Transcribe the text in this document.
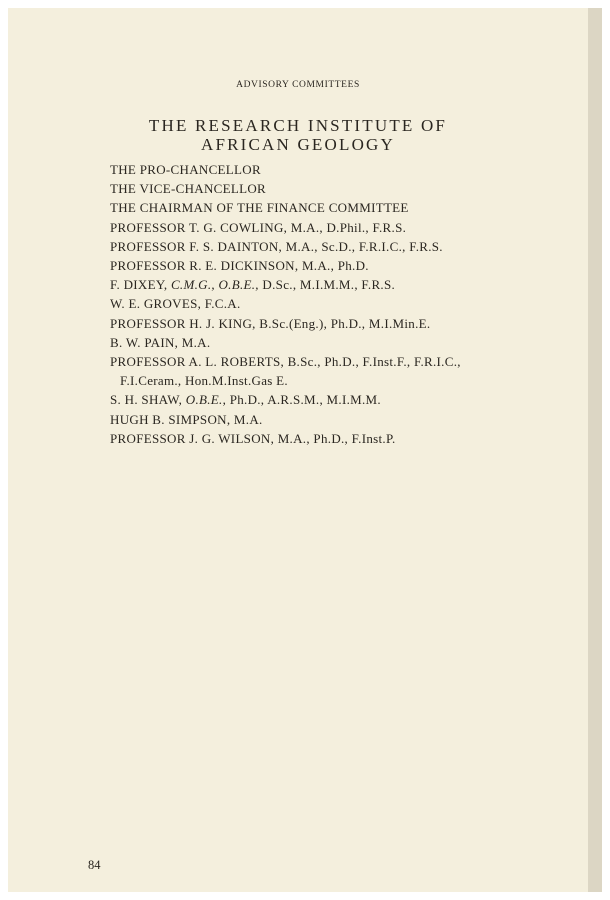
ADVISORY COMMITTEES
THE RESEARCH INSTITUTE OF
AFRICAN GEOLOGY
THE PRO-CHANCELLOR
THE VICE-CHANCELLOR
THE CHAIRMAN OF THE FINANCE COMMITTEE
PROFESSOR T. G. COWLING, M.A., D.Phil., F.R.S.
PROFESSOR F. S. DAINTON, M.A., Sc.D., F.R.I.C., F.R.S.
PROFESSOR R. E. DICKINSON, M.A., Ph.D.
F. DIXEY, C.M.G., O.B.E., D.Sc., M.I.M.M., F.R.S.
W. E. GROVES, F.C.A.
PROFESSOR H. J. KING, B.Sc.(Eng.), Ph.D., M.I.Min.E.
B. W. PAIN, M.A.
PROFESSOR A. L. ROBERTS, B.Sc., Ph.D., F.Inst.F., F.R.I.C.,
F.I.Ceram., Hon.M.Inst.Gas E.
S. H. SHAW, O.B.E., Ph.D., A.R.S.M., M.I.M.M.
HUGH B. SIMPSON, M.A.
PROFESSOR J. G. WILSON, M.A., Ph.D., F.Inst.P.
84
